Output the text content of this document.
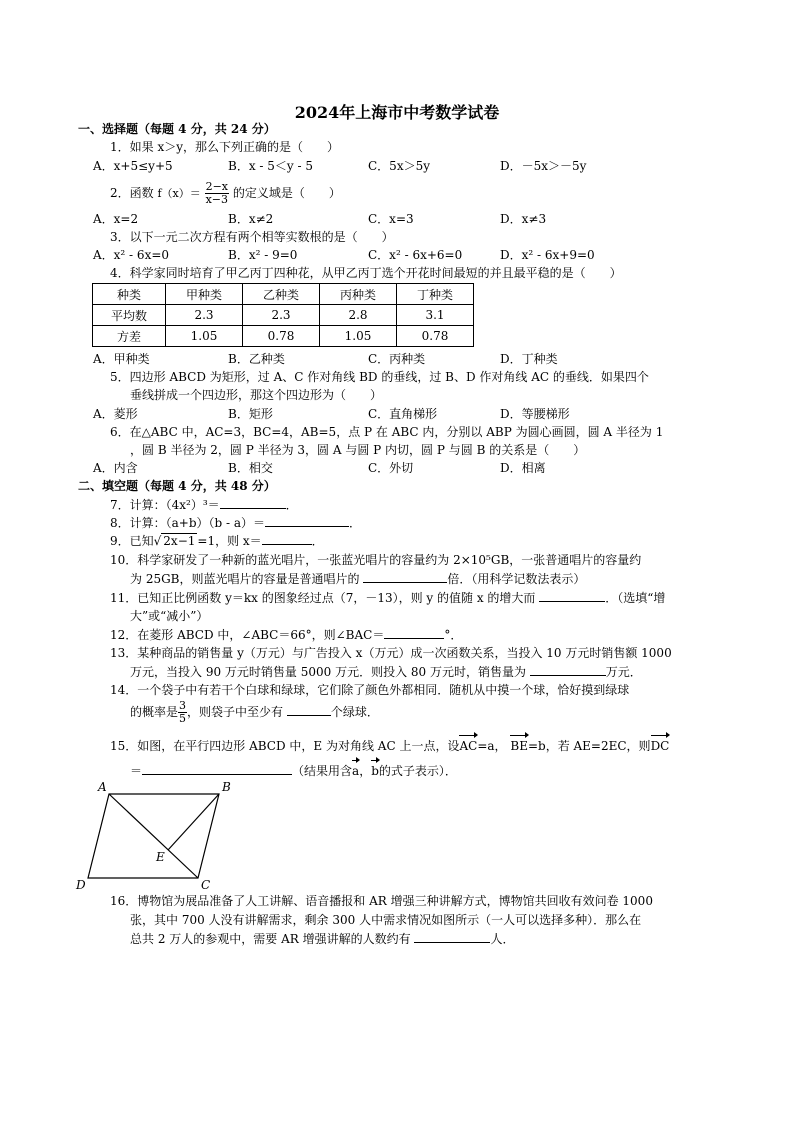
2024年上海市中考数学试卷
一、选择题（每题 4 分，共 24 分）
1．如果 x＞y，那么下列正确的是（　　）
A．x+5≤y+5	B．x - 5＜y - 5	C．5x＞5y	D．－5x＞－5y
2．函数 $f(x)= \frac{2-x}{x-3}$ 的定义域是（　　）
A．x=2	B．x≠2	C．x=3	D．x≠3
3．以下一元二次方程有两个相等实数根的是（　　）
A．x² - 6x=0	B．x² - 9=0	C．x² - 6x+6=0	D．x² - 6x+9=0
4．科学家同时培育了甲乙丙丁四种花，从甲乙丙丁选个开花时间最短的并且最平稳的是（　　）
种类	甲种类	乙种类	丙种类	丁种类
平均数	2.3	2.3	2.8	3.1
方差	1.05	0.78	1.05	0.78
A．甲种类	B．乙种类	C．丙种类	D．丁种类
5．四边形 ABCD 为矩形，过 A、C 作对角线 BD 的垂线，过 B、D 作对角线 AC 的垂线．如果四个
垂线拼成一个四边形，那这个四边形为（　　）
A．菱形	B．矩形	C．直角梯形	D．等腰梯形
6．在△ABC 中，AC=3，BC=4，AB=5，点 P 在 ABC 内，分别以 ABP 为圆心画圆，圆 A 半径为 1
，圆 B 半径为 2，圆 P 半径为 3，圆 A 与圆 P 内切，圆 P 与圆 B 的关系是（　　）
A．内含	B．相交	C．外切	D．相离
二、填空题（每题 4 分，共 48 分）
7．计算：（4x²）³＝	．
8．计算：（a+b）（b - a）＝	．
9．已知√ 2x−1 =1，则 x＝	．
10．科学家研发了一种新的蓝光唱片，一张蓝光唱片的容量约为 2×10⁵GB，一张普通唱片的容量约
为 25GB，则蓝光唱片的容量是普通唱片的	倍．（用科学记数法表示）
11．已知正比例函数 y＝kx 的图象经过点（7，－13），则 y 的值随 x 的增大而	．（选填“增
大”或“减小”）
12．在菱形 ABCD 中，∠ABC＝66°，则∠BAC＝	°．
13．某种商品的销售量 y（万元）与广告投入 x（万元）成一次函数关系，当投入 10 万元时销售额 1000
万元，当投入 90 万元时销售量 5000 万元．则投入 80 万元时，销售量为	万元．
14．一个袋子中有若干个白球和绿球，它们除了颜色外都相同．随机从中摸一个球，恰好摸到绿球
的概率是 $\frac{3}{5}$ ，则袋子中至少有	个绿球．
15．如图，在平行四边形 ABCD 中，E 为对角线 AC 上一点，设AC=a， BE=b，若 AE=2EC，则DC
＝	（结果用含a，b的式子表示）．
A	B
C
D
E
16．博物馆为展品准备了人工讲解、语音播报和 AR 增强三种讲解方式，博物馆共回收有效问卷 1000
张，其中 700 人没有讲解需求，剩余 300 人中需求情况如图所示（一人可以选择多种）．那么在
总共 2 万人的参观中，需要 AR 增强讲解的人数约有	人．
